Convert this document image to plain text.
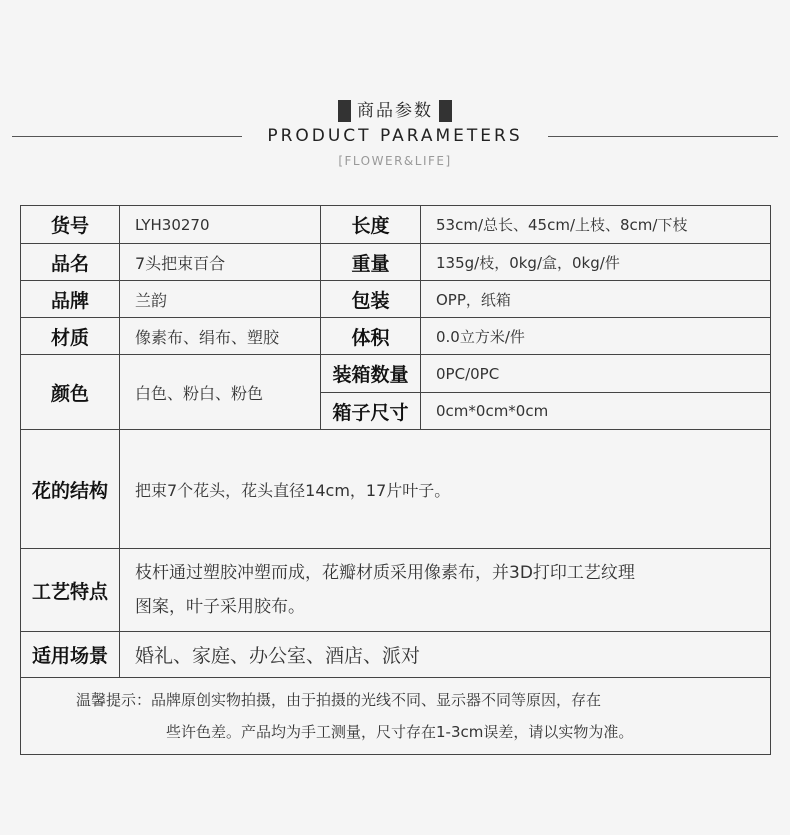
商品参数
PRODUCT PARAMETERS
[FLOWER&LIFE]
货号	LYH30270	长度	53cm/总长、45cm/上枝、8cm/下枝
品名	7头把束百合	重量	135g/枝，0kg/盒，0kg/件
品牌	兰韵	包装	OPP，纸箱
材质	像素布、绢布、塑胶	体积	0.0立方米/件
颜色	白色、粉白、粉色	装箱数量	0PC/0PC
		箱子尺寸	0cm*0cm*0cm
花的结构	把束7个花头，花头直径14cm，17片叶子。		
工艺特点	枝杆通过塑胶冲塑而成，花瓣材质采用像素布，并3D打印工艺纹理
图案，叶子采用胶布。		

适用场景	婚礼、家庭、办公室、酒店、派对		

温馨提示：品牌原创实物拍摄，由于拍摄的光线不同、显示器不同等原因，存在
些许色差。产品均为手工测量，尺寸存在1-3cm误差，请以实物为准。			
